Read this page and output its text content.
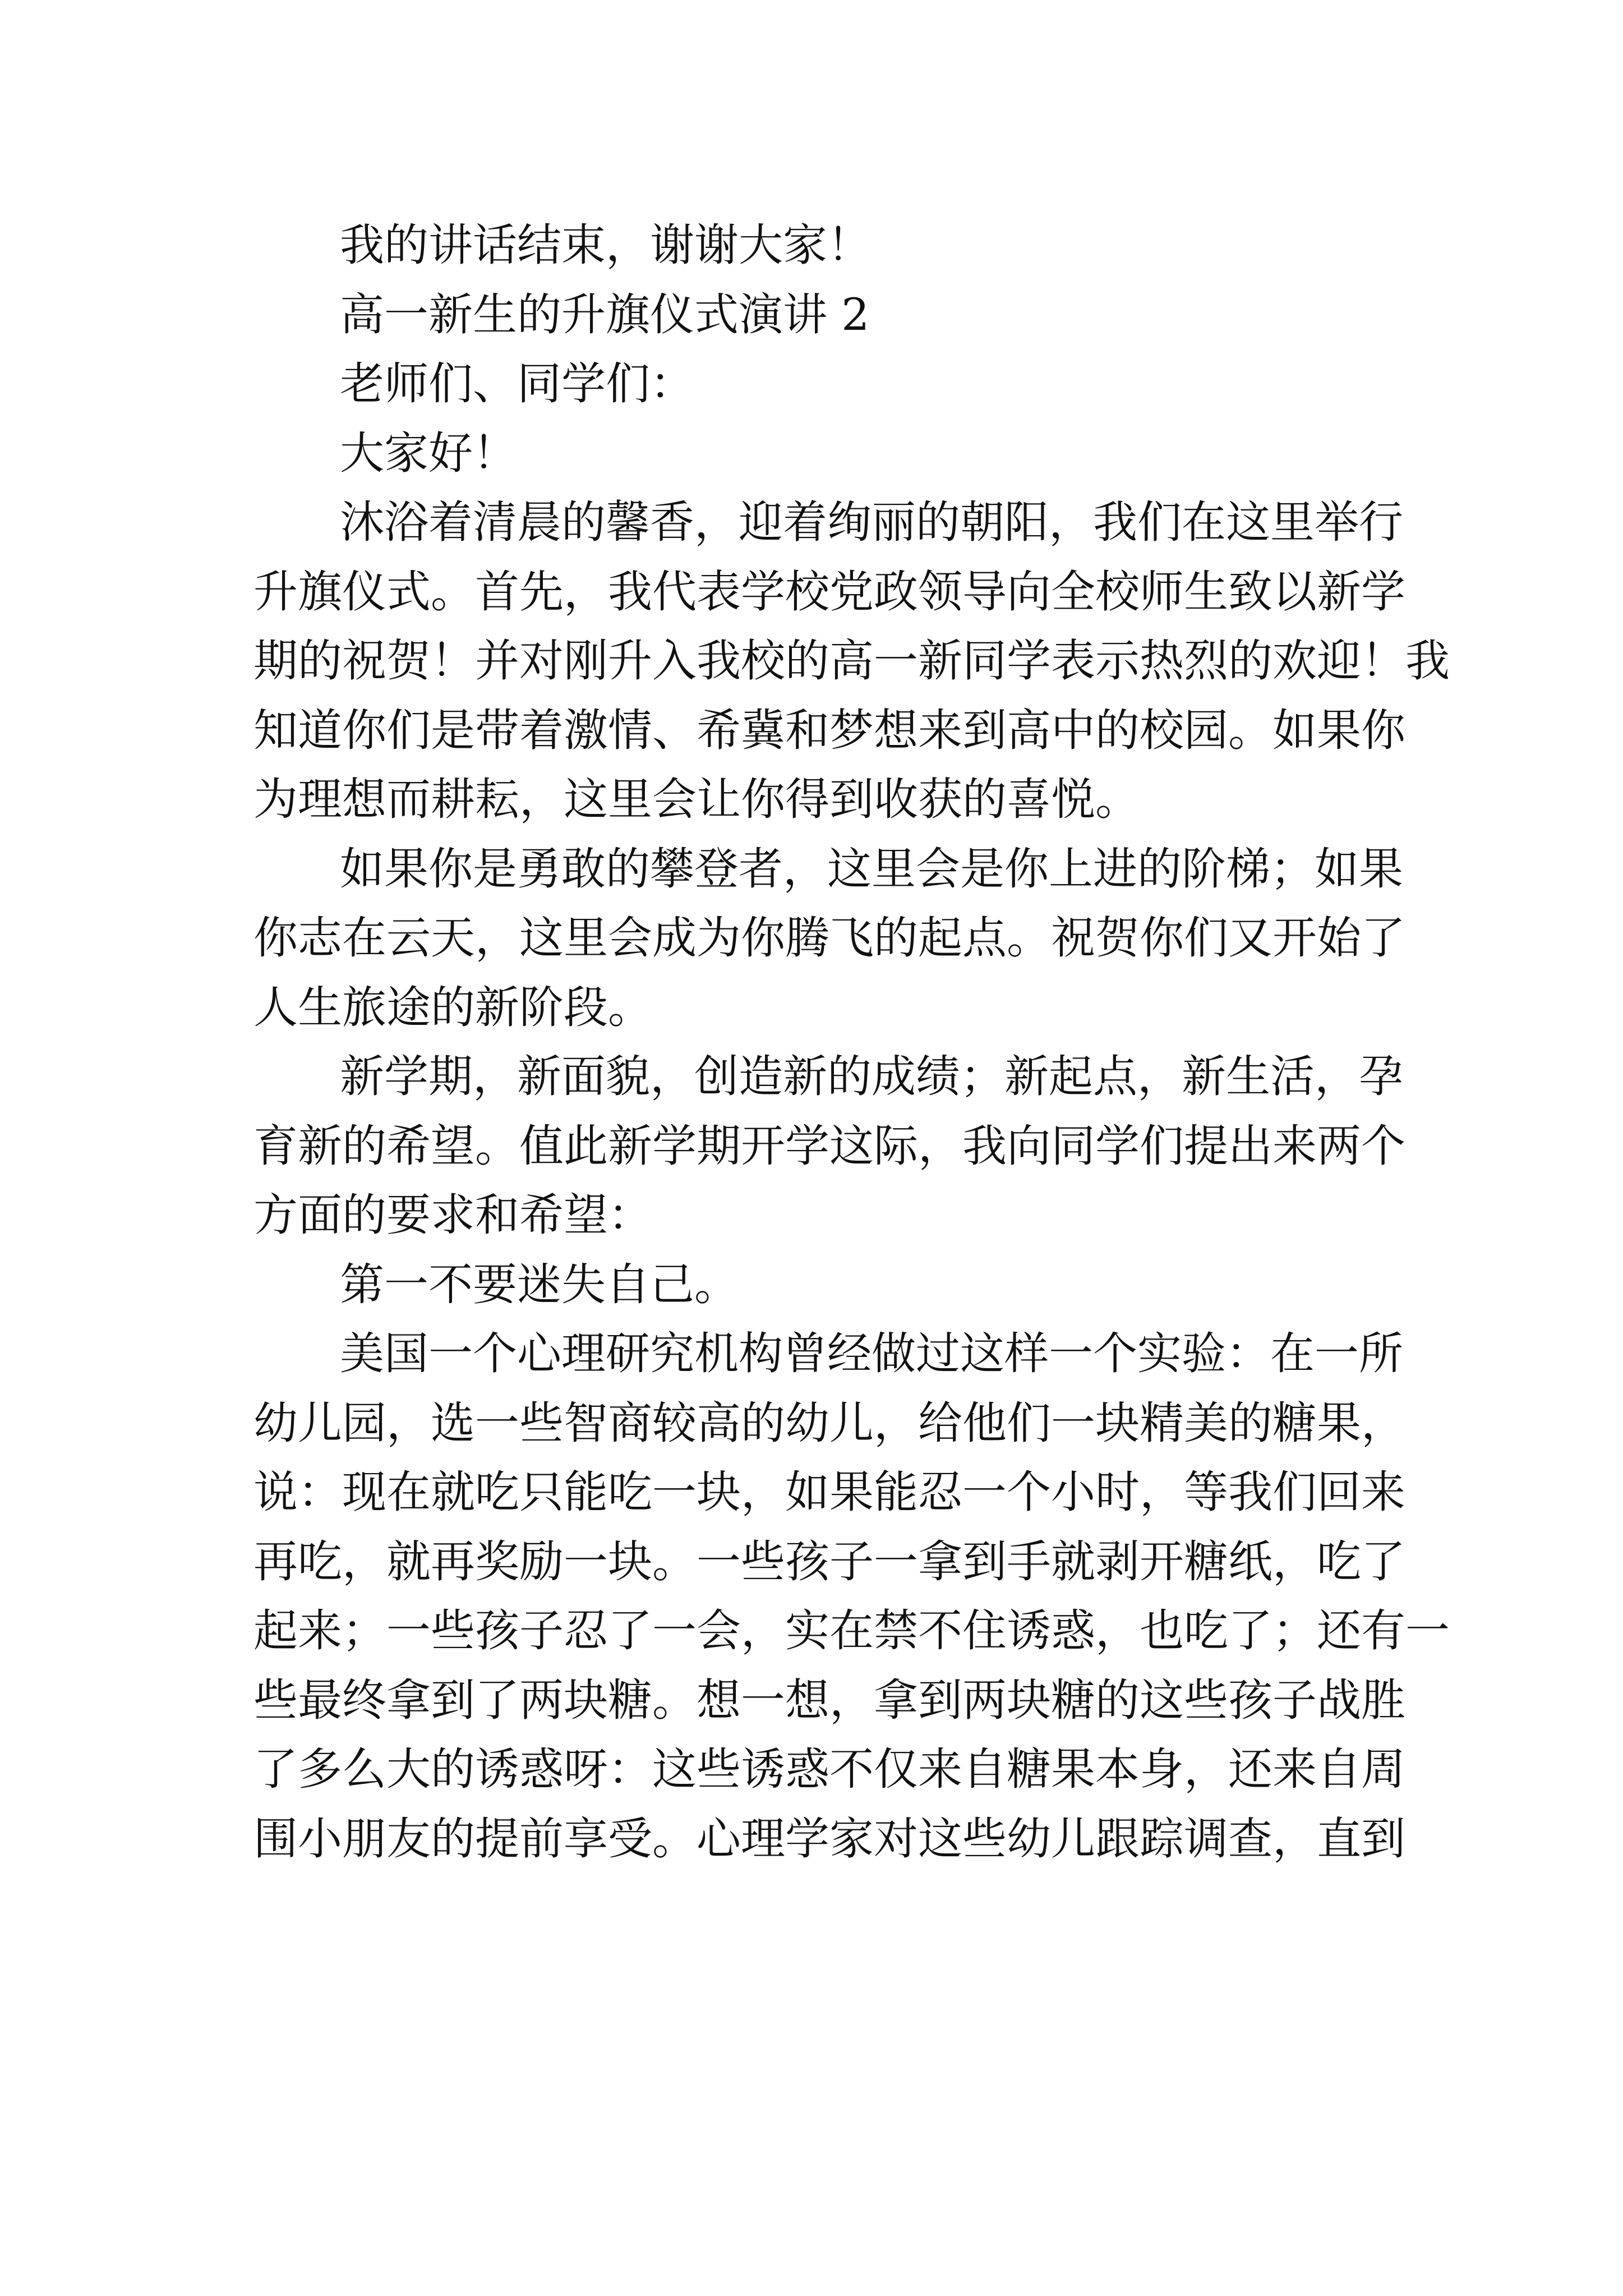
我的讲话结束，谢谢大家！

高一新生的升旗仪式演讲 2

老师们、同学们：

大家好！

沐浴着清晨的馨香，迎着绚丽的朝阳，我们在这里举行
升旗仪式。首先，我代表学校党政领导向全校师生致以新学
期的祝贺！并对刚升入我校的高一新同学表示热烈的欢迎！我
知道你们是带着激情、希冀和梦想来到高中的校园。如果你
为理想而耕耘，这里会让你得到收获的喜悦。

如果你是勇敢的攀登者，这里会是你上进的阶梯；如果
你志在云天，这里会成为你腾飞的起点。祝贺你们又开始了
人生旅途的新阶段。

新学期，新面貌，创造新的成绩；新起点，新生活，孕
育新的希望。值此新学期开学这际，我向同学们提出来两个
方面的要求和希望：

第一不要迷失自己。

美国一个心理研究机构曾经做过这样一个实验：在一所
幼儿园，选一些智商较高的幼儿，给他们一块精美的糖果，
说：现在就吃只能吃一块，如果能忍一个小时，等我们回来
再吃，就再奖励一块。一些孩子一拿到手就剥开糖纸，吃了
起来；一些孩子忍了一会，实在禁不住诱惑，也吃了；还有一
些最终拿到了两块糖。想一想，拿到两块糖的这些孩子战胜
了多么大的诱惑呀：这些诱惑不仅来自糖果本身，还来自周
围小朋友的提前享受。心理学家对这些幼儿跟踪调查，直到
